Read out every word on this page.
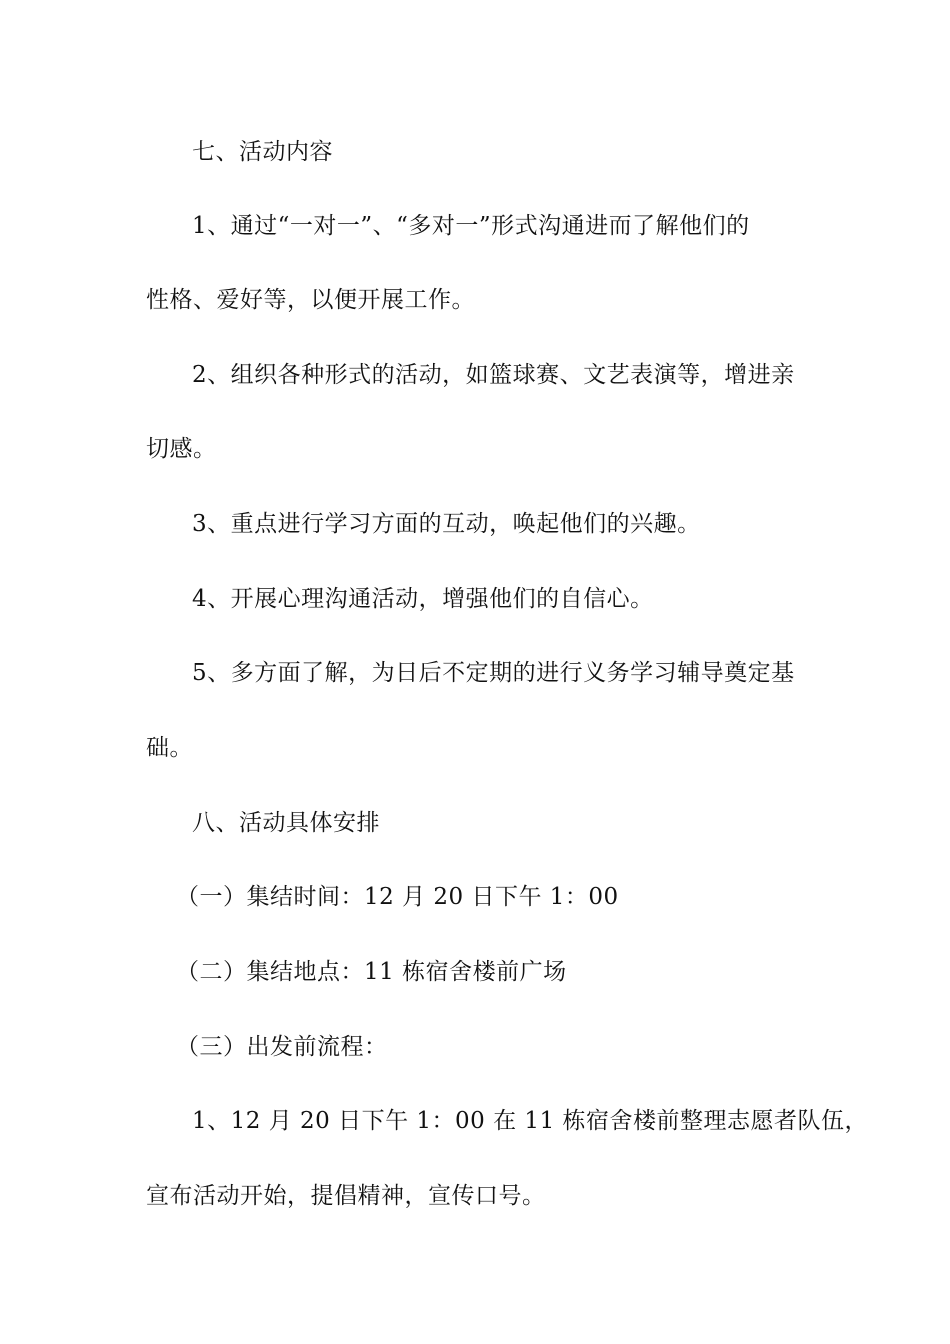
七、活动内容
1、通过“一对一”、“多对一”形式沟通进而了解他们的
性格、爱好等，以便开展工作。
2、组织各种形式的活动，如篮球赛、文艺表演等，增进亲
切感。
3、重点进行学习方面的互动，唤起他们的兴趣。
4、开展心理沟通活动，增强他们的自信心。
5、多方面了解，为日后不定期的进行义务学习辅导奠定基
础。
八、活动具体安排
（一）集结时间：12 月 20 日下午 1：00
（二）集结地点：11 栋宿舍楼前广场
（三）出发前流程：
1、12 月 20 日下午 1：00 在 11 栋宿舍楼前整理志愿者队伍，
宣布活动开始，提倡精神，宣传口号。
